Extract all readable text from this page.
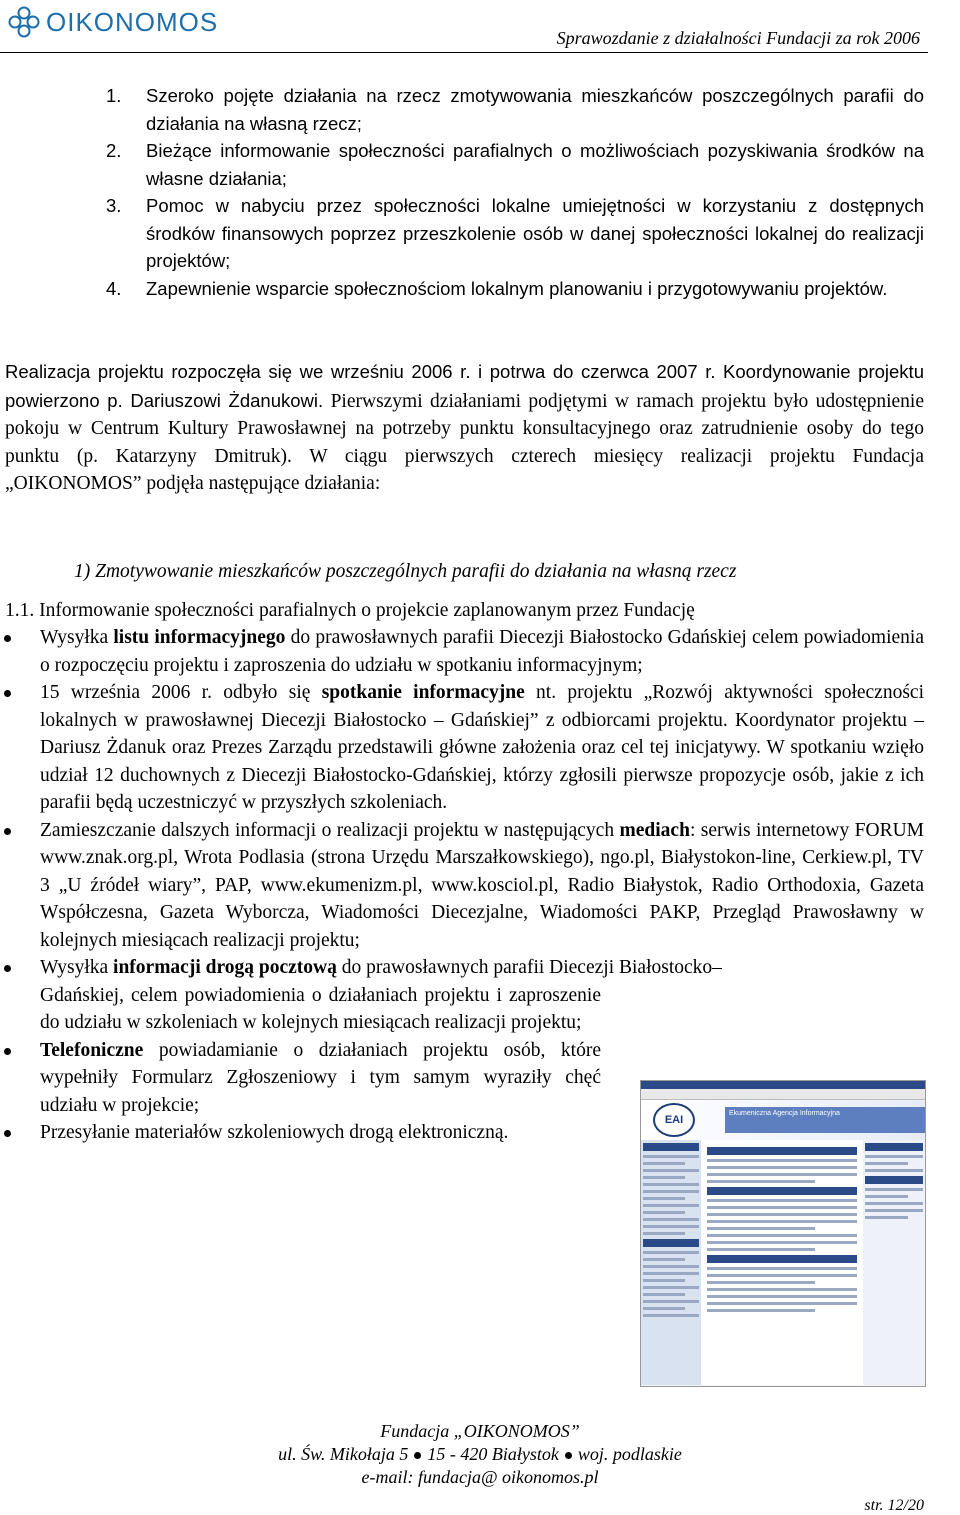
OIKONOMOS
Sprawozdanie z działalności Fundacji za rok 2006
1. Szeroko pojęte działania na rzecz zmotywowania mieszkańców poszczególnych parafii do działania na własną rzecz;
2. Bieżące informowanie społeczności parafialnych o możliwościach pozyskiwania środków na własne działania;
3. Pomoc w nabyciu przez społeczności lokalne umiejętności w korzystaniu z dostępnych środków finansowych poprzez przeszkolenie osób w danej społeczności lokalnej do realizacji projektów;
4. Zapewnienie wsparcie społecznościom lokalnym planowaniu i przygotowywaniu projektów.

Realizacja projektu rozpoczęła się we wrześniu 2006 r. i potrwa do czerwca 2007 r. Koordynowanie projektu powierzono p. Dariuszowi Żdanukowi. Pierwszymi działaniami podjętymi w ramach projektu było udostępnienie pokoju w Centrum Kultury Prawosławnej na potrzeby punktu konsultacyjnego oraz zatrudnienie osoby do tego punktu (p. Katarzyny Dmitruk). W ciągu pierwszych czterech miesięcy realizacji projektu Fundacja „OIKONOMOS” podjęła następujące działania:

1) Zmotywowanie mieszkańców poszczególnych parafii do działania na własną rzecz
1.1. Informowanie społeczności parafialnych o projekcie zaplanowanym przez Fundację
Wysyłka listu informacyjnego do prawosławnych parafii Diecezji Białostocko Gdańskiej celem powiadomienia o rozpoczęciu projektu i zaproszenia do udziału w spotkaniu informacyjnym;
15 września 2006 r. odbyło się spotkanie informacyjne nt. projektu „Rozwój aktywności społeczności lokalnych w prawosławnej Diecezji Białostocko – Gdańskiej” z odbiorcami projektu. Koordynator projektu – Dariusz Żdanuk oraz Prezes Zarządu przedstawili główne założenia oraz cel tej inicjatywy. W spotkaniu wzięło udział 12 duchownych z Diecezji Białostocko-Gdańskiej, którzy zgłosili pierwsze propozycje osób, jakie z ich parafii będą uczestniczyć w przyszłych szkoleniach.
Zamieszczanie dalszych informacji o realizacji projektu w następujących mediach: serwis internetowy FORUM www.znak.org.pl, Wrota Podlasia (strona Urzędu Marszałkowskiego), ngo.pl, Białystokon-line, Cerkiew.pl, TV 3 „U źródeł wiary”, PAP, www.ekumenizm.pl, www.kosciol.pl, Radio Białystok, Radio Orthodoxia, Gazeta Współczesna, Gazeta Wyborcza, Wiadomości Diecezjalne, Wiadomości PAKP, Przegląd Prawosławny w kolejnych miesiącach realizacji projektu;
Wysyłka informacji drogą pocztową do prawosławnych parafii Diecezji Białostocko–

Gdańskiej, celem powiadomienia o działaniach projektu i zaproszenie do udziału w szkoleniach w kolejnych miesiącach realizacji projektu;
Telefoniczne powiadamianie o działaniach projektu osób, które wypełniły Formularz Zgłoszeniowy i tym samym wyraziły chęć udziału w projekcie;
Przesyłanie materiałów szkoleniowych drogą elektroniczną.
EAI
Ekumeniczna Agencja Informacyjna
Fundacja „OIKONOMOS”
ul. Św. Mikołaja 5 15 - 420 Białystok woj. podlaskie
e-mail: fundacja@ oikonomos.pl
str. 12/20
